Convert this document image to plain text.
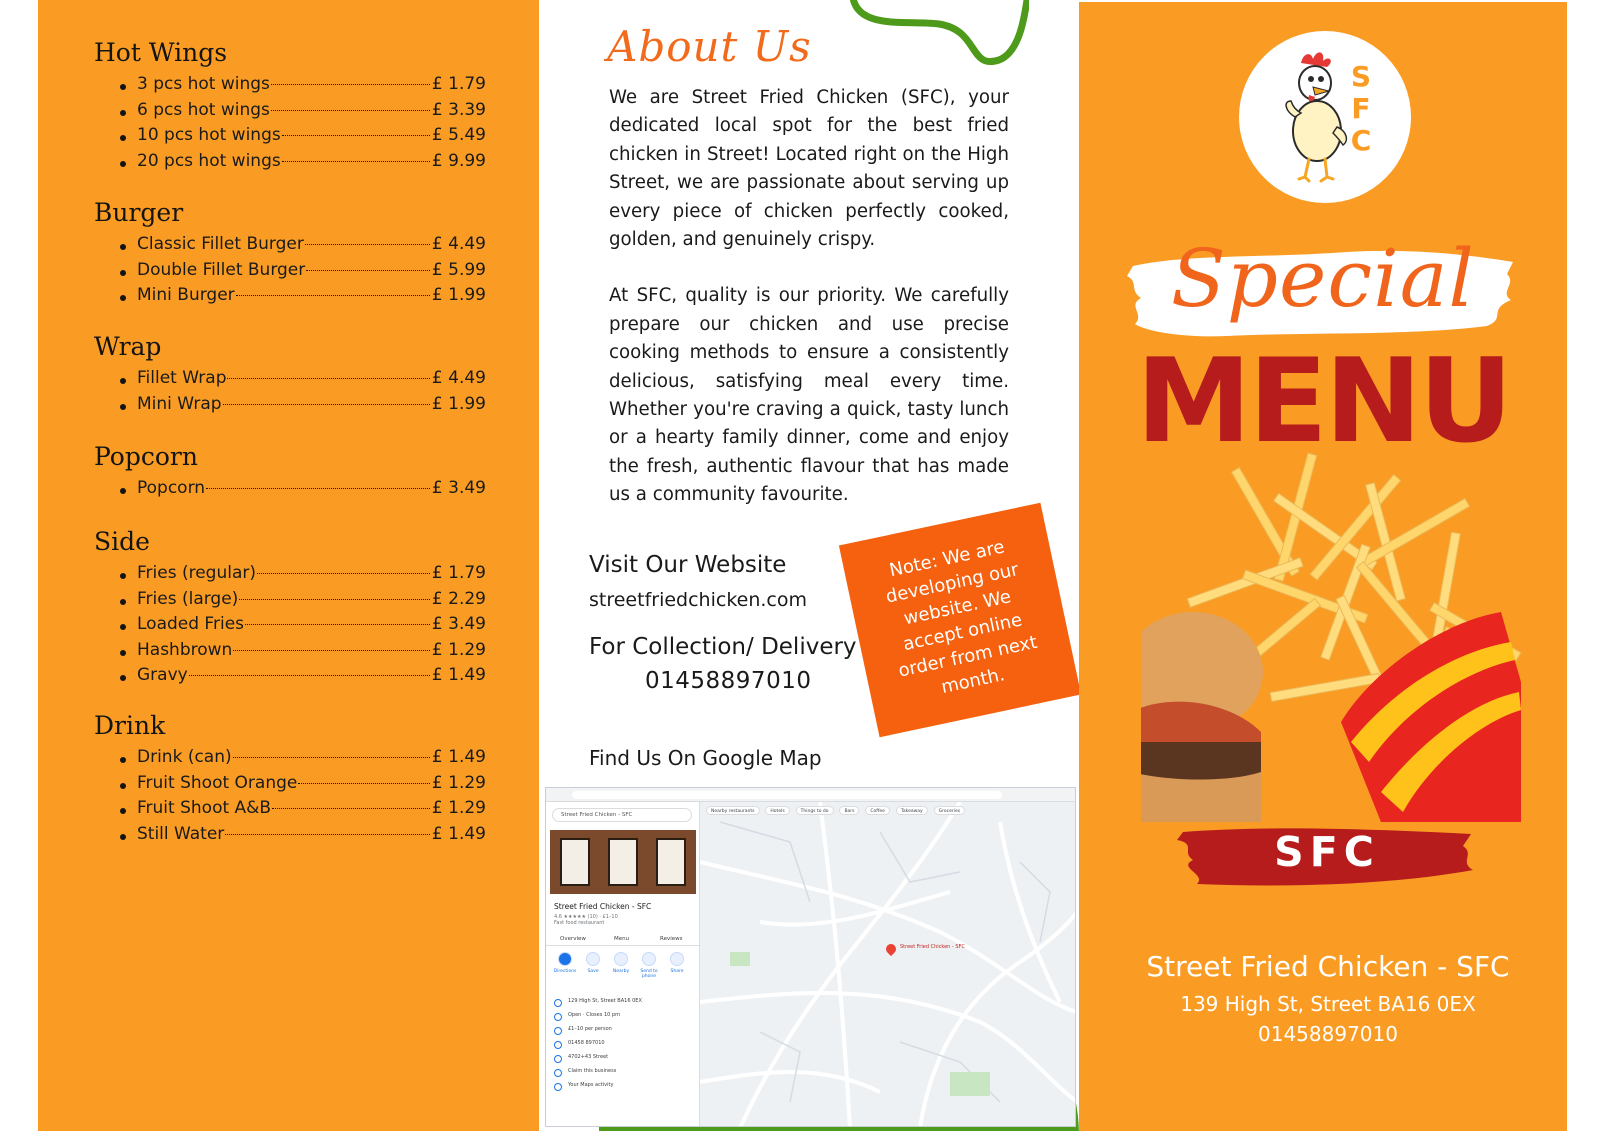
Hot Wings
3 pcs hot wings	£ 1.79
6 pcs hot wings	£ 3.39
10 pcs hot wings	£ 5.49
20 pcs hot wings	£ 9.99
Burger
Classic Fillet Burger	£ 4.49
Double Fillet Burger	£ 5.99
Mini Burger	£ 1.99
Wrap
Fillet Wrap	£ 4.49
Mini Wrap	£ 1.99
Popcorn
Popcorn	£ 3.49
Side
Fries (regular)	£ 1.79
Fries (large)	£ 2.29
Loaded Fries	£ 3.49
Hashbrown	£ 1.29
Gravy	£ 1.49
Drink
Drink (can)	£ 1.49
Fruit Shoot Orange	£ 1.29
Fruit Shoot A&B	£ 1.29
Still Water	£ 1.49
About Us

We are Street Fried Chicken (SFC), your dedicated local spot for the best fried chicken in Street! Located right on the High Street, we are passionate about serving up every piece of chicken perfectly cooked, golden, and genuinely crispy.

At SFC, quality is our priority. We carefully prepare our chicken and use precise cooking methods to ensure a consistently delicious, satisfying meal every time. Whether you're craving a quick, tasty lunch or a hearty family dinner, come and enjoy the fresh, authentic flavour that has made us a community favourite.

Visit Our Website
streetfriedchicken.com
For Collection/ Delivery
01458897010
Find Us On Google Map
Note: We are developing our website. We accept online order from next month.
Street Fried Chicken - SFC
Street Fried Chicken - SFC
4.6 ★★★★★ (10) · £1–10
Fast food restaurant
Overview	Menu	Reviews
Directions	Save	Nearby	Send to phone
Share
129 High St, Street BA16 0EX
Open · Closes 10 pm
£1–10 per person
01458 897010
4702+43 Street
Claim this business
Your Maps activity
Nearby restaurants	Hotels	Things to do	Bars	Coffee	Takeaway	Groceries
Street Fried Chicken - SFC
S
F
C
Special
MENU
SFC
Street Fried Chicken - SFC
139 High St, Street BA16 0EX
01458897010
